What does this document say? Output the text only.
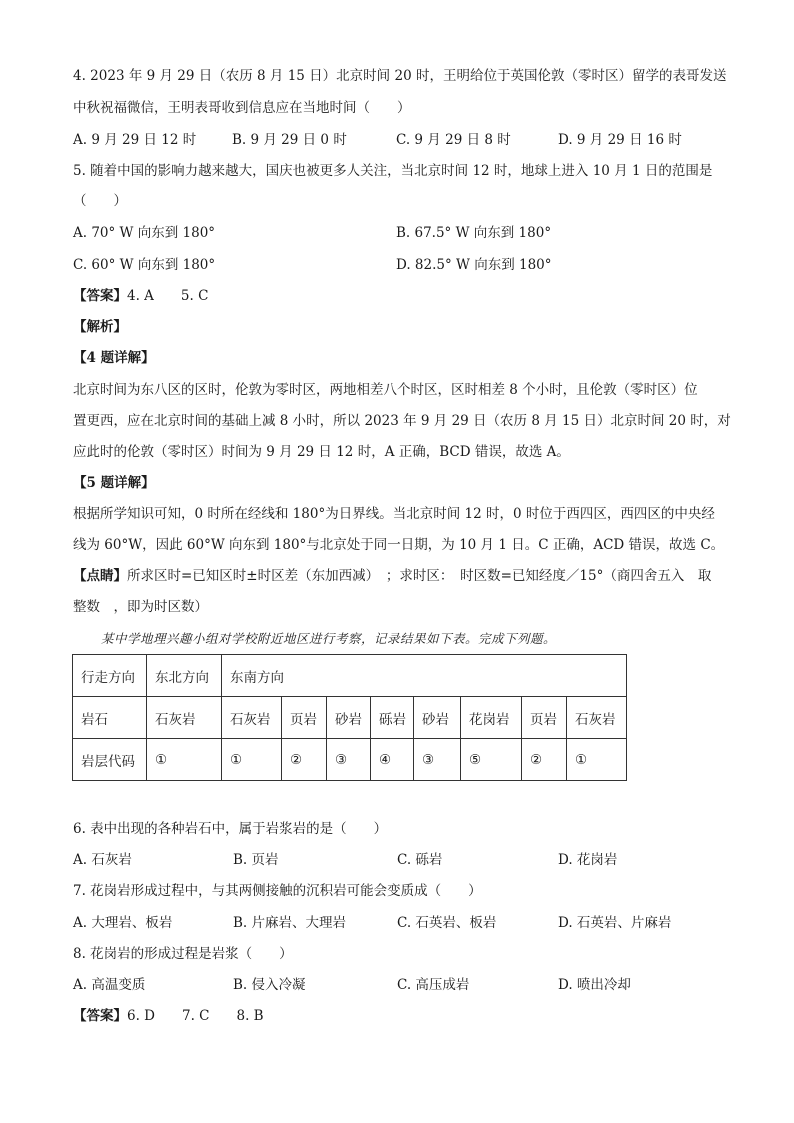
4. 2023 年 9 月 29 日（农历 8 月 15 日）北京时间 20 时，王明给位于英国伦敦（零时区）留学的表哥发送
中秋祝福微信，王明表哥收到信息应在当地时间（　　）
A. 9 月 29 日 12 时	B. 9 月 29 日 0 时	C. 9 月 29 日 8 时	D. 9 月 29 日 16 时
5. 随着中国的影响力越来越大，国庆也被更多人关注，当北京时间 12 时，地球上进入 10 月 1 日的范围是
（　　）
A. 70° W 向东到 180°	B. 67.5° W 向东到 180°
C. 60° W 向东到 180°	D. 82.5° W 向东到 180°
【答案】4. A　　5. C
【解析】
【4 题详解】
北京时间为东八区的区时，伦敦为零时区，两地相差八个时区，区时相差 8 个小时，且伦敦（零时区）位
置更西，应在北京时间的基础上减 8 小时，所以 2023 年 9 月 29 日（农历 8 月 15 日）北京时间 20 时，对
应此时的伦敦（零时区）时间为 9 月 29 日 12 时，A 正确，BCD 错误，故选 A。
【5 题详解】
根据所学知识可知，0 时所在经线和 180°为日界线。当北京时间 12 时，0 时位于西四区，西四区的中央经
线为 60°W，因此 60°W 向东到 180°与北京处于同一日期，为 10 月 1 日。C 正确，ACD 错误，故选 C。
【点睛】所求区时=已知区时±时区差（东加西减）　；求时区：　时区数=已知经度／15°（商四舍五入　取
整数　，即为时区数）
某中学地理兴趣小组对学校附近地区进行考察，记录结果如下表。完成下列题。
行走方向	东北方向	东南方向							
岩石	石灰岩	石灰岩	页岩	砂岩	砾岩	砂岩	花岗岩	页岩	石灰岩
岩层代码	①	①	②	③	④	③	⑤	②	①
6. 表中出现的各种岩石中，属于岩浆岩的是（　　）
A. 石灰岩	B. 页岩	C. 砾岩	D. 花岗岩
7. 花岗岩形成过程中，与其两侧接触的沉积岩可能会变质成（　　）
A. 大理岩、板岩	B. 片麻岩、大理岩	C. 石英岩、板岩	D. 石英岩、片麻岩
8. 花岗岩的形成过程是岩浆（　　）
A. 高温变质	B. 侵入冷凝	C. 高压成岩	D. 喷出冷却
【答案】6. D　　7. C　　8. B
